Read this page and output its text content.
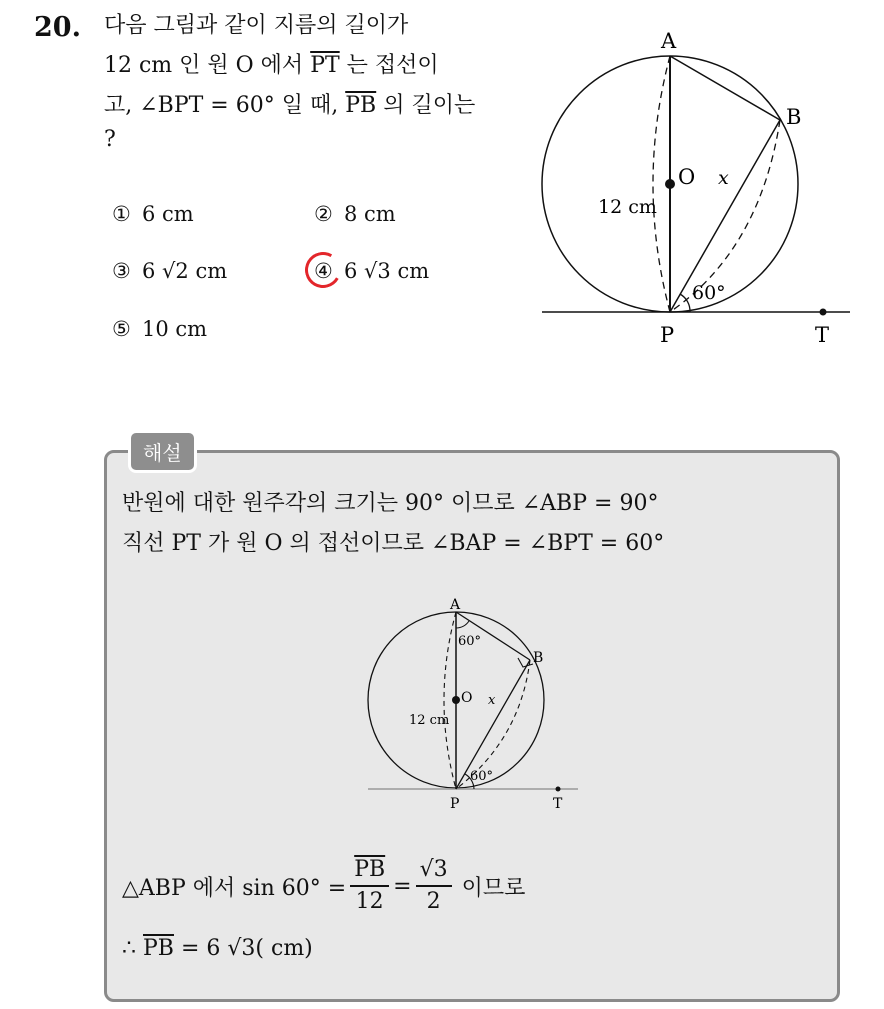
20. 다음 그림과 같이 지름의 길이가
12 cm 인 원 O 에서 $\overline{PT}$ 는 접선이
고, ∠BPT = 60° 일 때, $\overline{PB}$ 의 길이는
?
① 6 cm	② 8 cm
③ 6 √2 cm	④ 6 √3 cm
⑤ 10 cm
A
B
O
P	T
x
12 cm
60°
해설
반원에 대한 원주각의 크기는 90° 이므로 ∠ABP = 90°
직선 PT 가 원 O 의 접선이므로 ∠BAP = ∠BPT = 60°
A
B
O
P	T
x
12 cm
60°
60°
△ABP 에서 $\sin 60^\circ = \frac{\overline{PB}}{12} = \frac{√3}{2}$ 이므로
∴ $\overline{PB} = 6$ √3( cm)
